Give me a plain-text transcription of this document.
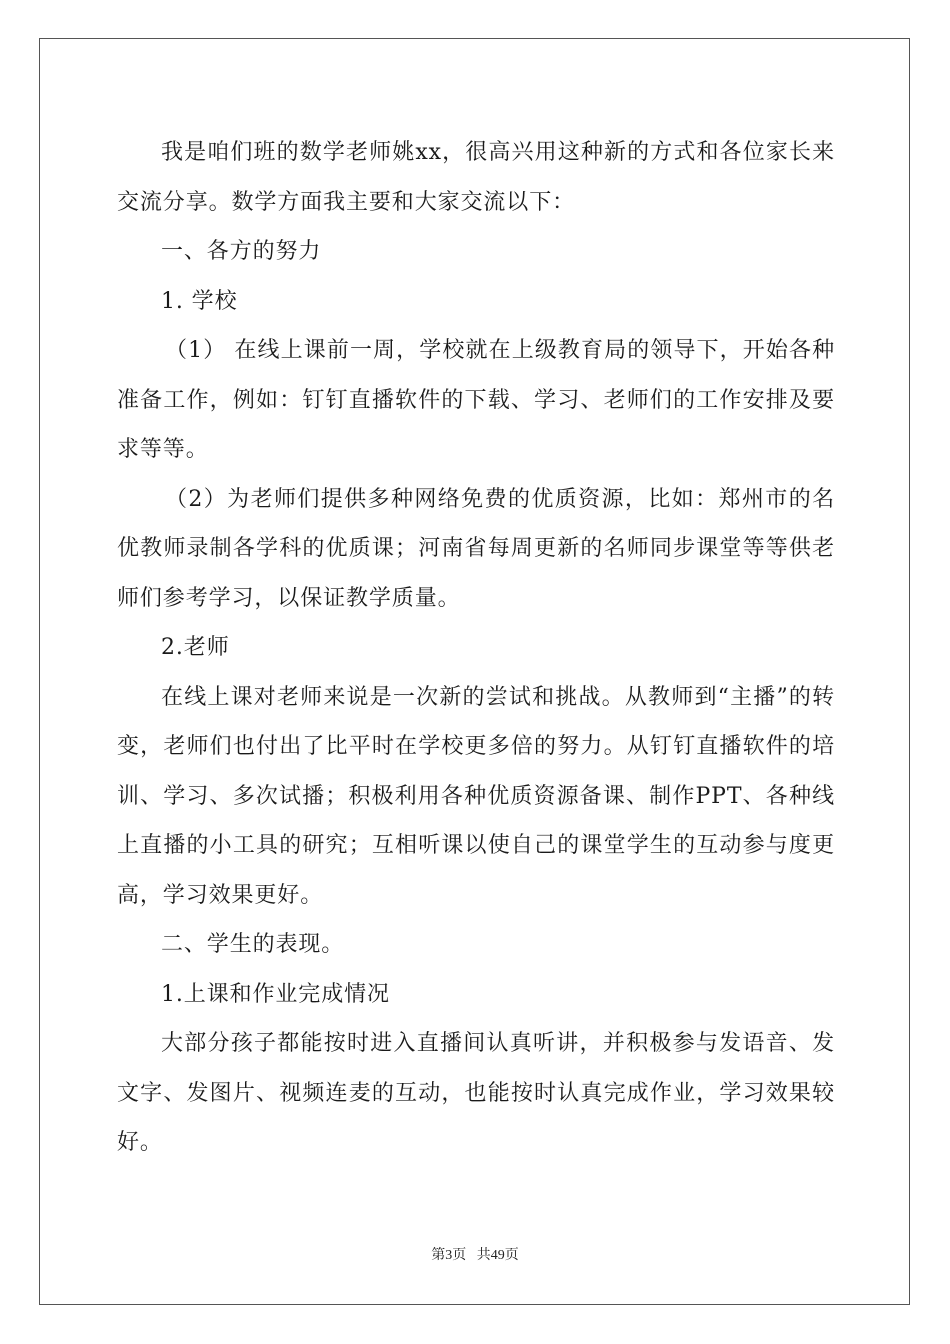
我是咱们班的数学老师姚xx，很高兴用这种新的方式和各位家长来交流分享。数学方面我主要和大家交流以下：

一、各方的努力

1. 学校

（1） 在线上课前一周，学校就在上级教育局的领导下，开始各种准备工作，例如：钉钉直播软件的下载、学习、老师们的工作安排及要求等等。

（2）为老师们提供多种网络免费的优质资源，比如：郑州市的名优教师录制各学科的优质课；河南省每周更新的名师同步课堂等等供老师们参考学习，以保证教学质量。

2.老师

在线上课对老师来说是一次新的尝试和挑战。从教师到“主播”的转变，老师们也付出了比平时在学校更多倍的努力。从钉钉直播软件的培训、学习、多次试播；积极利用各种优质资源备课、制作PPT、各种线上直播的小工具的研究；互相听课以使自己的课堂学生的互动参与度更高，学习效果更好。

二、学生的表现。

1.上课和作业完成情况

大部分孩子都能按时进入直播间认真听讲，并积极参与发语音、发文字、发图片、视频连麦的互动，也能按时认真完成作业，学习效果较好。

第3页 共49页
